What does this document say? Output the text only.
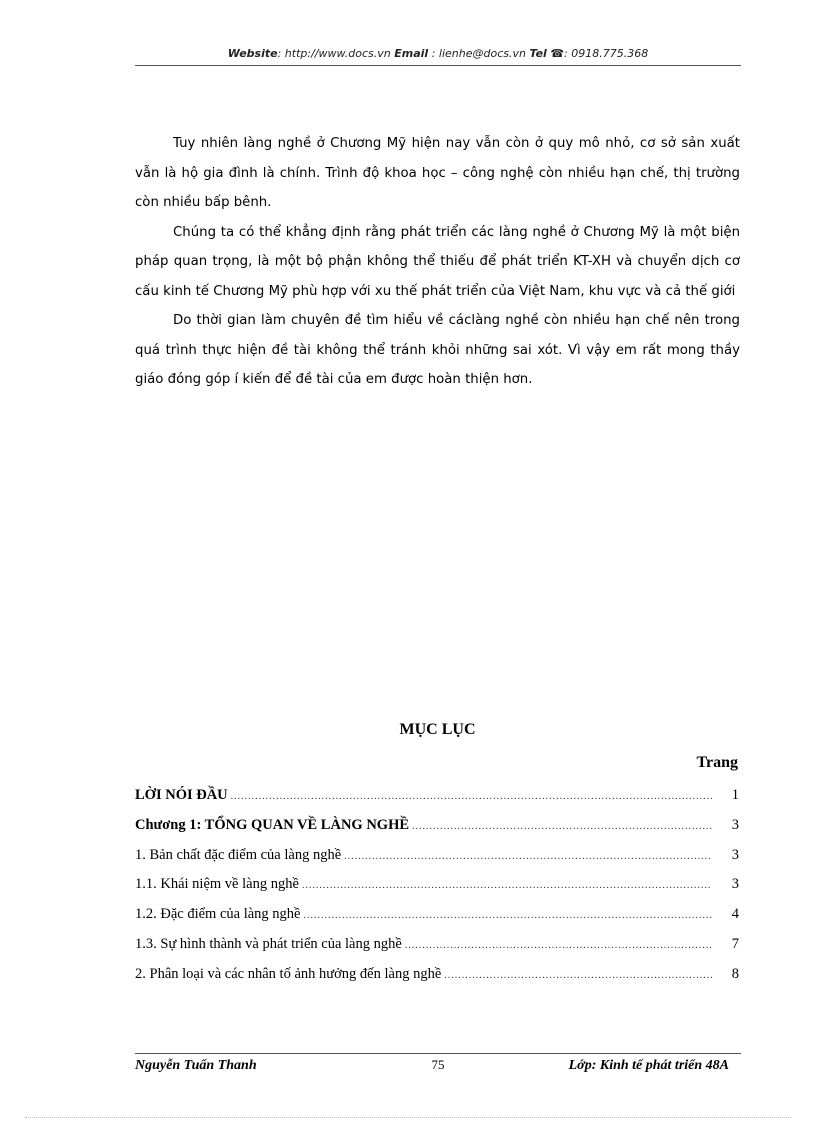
Website: http://www.docs.vn Email : lienhe@docs.vn Tel ☎: 0918.775.368

Tuy nhiên làng nghề ở Chương Mỹ hiện nay vẫn còn ở quy mô nhỏ, cơ sở sản xuất vẫn là hộ gia đình là chính. Trình độ khoa học – công nghệ còn nhiều hạn chế, thị trường còn nhiều bấp bênh.

Chúng ta có thể khẳng định rằng phát triển các làng nghề ở Chương Mỹ là một biện pháp quan trọng, là một bộ phận không thể thiếu để phát triển KT-XH và chuyển dịch cơ cấu kinh tế Chương Mỹ phù hợp với xu thế phát triển của Việt Nam, khu vực và cả thế giới

Do thời gian làm chuyên đề tìm hiểu về cáclàng nghề còn nhiều hạn chế nên trong quá trình thực hiện đề tài không thể tránh khỏi những sai xót. Vì vậy em rất mong thầy giáo đóng góp í kiến để đề tài của em được hoàn thiện hơn.

MỤC LỤC
Trang
LỜI NÓI ĐẦU .....	1
Chương 1: TỔNG QUAN VỀ LÀNG NGHỀ .....	3
1. Bản chất đặc điểm của làng nghề .....	3
1.1. Khái niệm về làng nghề .....	3
1.2. Đặc điểm của làng nghề .....	4
1.3. Sự hình thành và phát triển của làng nghề .....	7
2. Phân loại và các nhân tố ảnh hưởng đến làng nghề .....	8
Nguyễn Tuấn Thanh	75	Lớp: Kinh tế phát triển 48A
